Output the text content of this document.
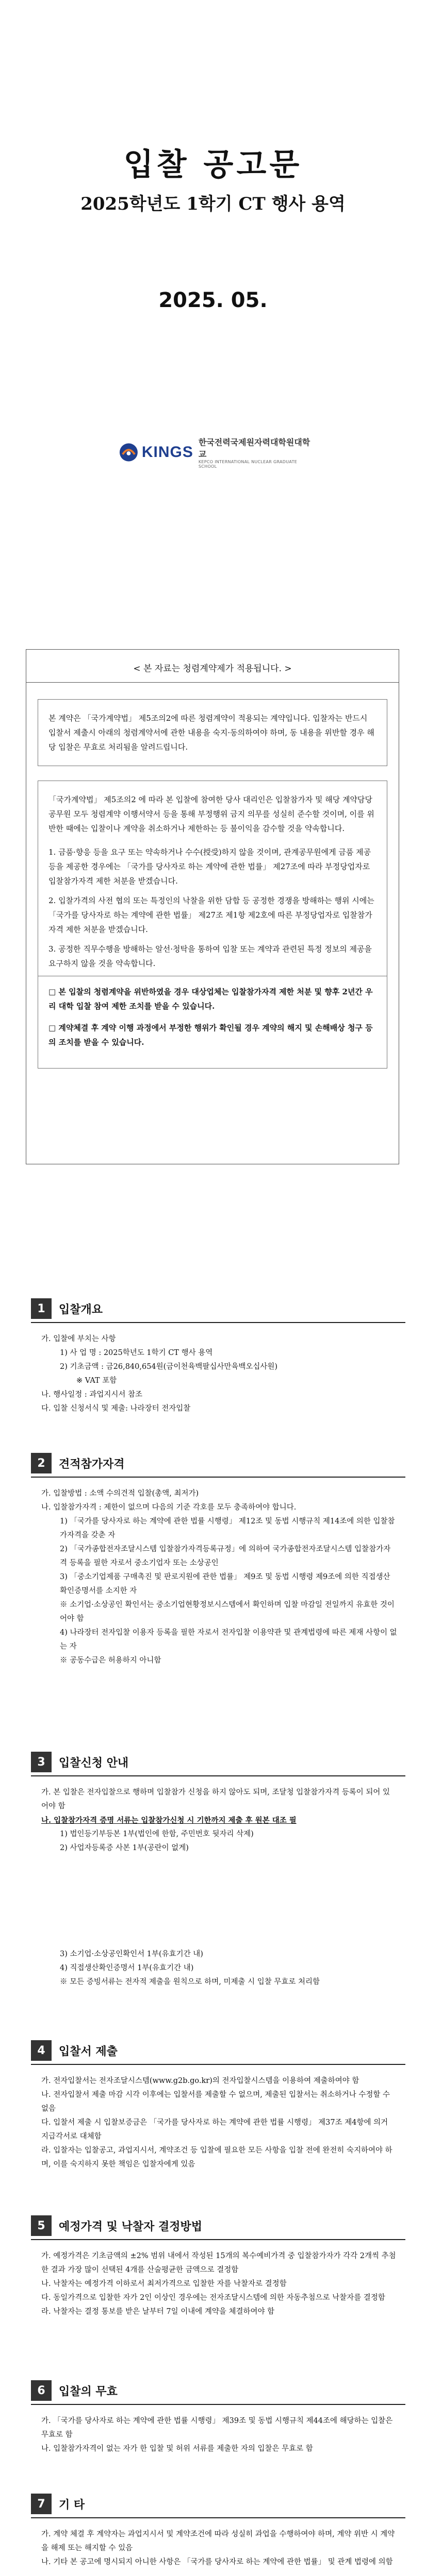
입찰 공고문
2025학년도 1학기 CT 행사 용역
2025. 05.
KINGS
한국전력국제원자력대학원대학교
KEPCO INTERNATIONAL NUCLEAR GRADUATE SCHOOL
< 본 자료는 청렴계약제가 적용됩니다. >
본 계약은 「국가계약법」 제5조의2에 따른 청렴계약이 적용되는 계약입니다. 입찰자는 반드시 입찰서 제출시 아래의 청렴계약서에 관한 내용을 숙지·동의하여야 하며, 동 내용을 위반할 경우 해당 입찰은 무효로 처리됨을 알려드립니다.

「국가계약법」 제5조의2 에 따라 본 입찰에 참여한 당사 대리인은 입찰참가자 및 해당 계약담당공무원 모두 청렴계약 이행서약서 등을 통해 부정행위 금지 의무를 성실히 준수할 것이며, 이를 위반한 때에는 입찰이나 계약을 취소하거나 제한하는 등 불이익을 감수할 것을 약속합니다.

1. 금품·향응 등을 요구 또는 약속하거나 수수(授受)하지 않을 것이며, 관계공무원에게 금품 제공 등을 제공한 경우에는 「국가를 당사자로 하는 계약에 관한 법률」 제27조에 따라 부정당업자로 입찰참가자격 제한 처분을 받겠습니다.
2. 입찰가격의 사전 협의 또는 특정인의 낙찰을 위한 담합 등 공정한 경쟁을 방해하는 행위 시에는 「국가를 당사자로 하는 계약에 관한 법률」 제27조 제1항 제2호에 따른 부정당업자로 입찰참가자격 제한 처분을 받겠습니다.
3. 공정한 직무수행을 방해하는 알선·청탁을 통하여 입찰 또는 계약과 관련된 특정 정보의 제공을 요구하지 않을 것을 약속합니다.

□ 본 입찰의 청렴계약을 위반하였을 경우 대상업체는 입찰참가자격 제한 처분 및 향후 2년간 우리 대학 입찰 참여 제한 조치를 받을 수 있습니다.

□ 계약체결 후 계약 이행 과정에서 부정한 행위가 확인될 경우 계약의 해지 및 손해배상 청구 등의 조치를 받을 수 있습니다.

1	입찰개요

가. 입찰에 부치는 사항

1) 사 업 명 : 2025학년도 1학기 CT 행사 용역

2) 기초금액 : 금26,840,654원(금이천육백팔십사만육백오십사원)

※ VAT 포함

나. 행사일정 : 과업지시서 참조

다. 입찰 신청서식 및 제출: 나라장터 전자입찰

2	견적참가자격

가. 입찰방법 : 소액 수의견적 입찰(총액, 최저가)

나. 입찰참가자격 : 제한이 없으며 다음의 기준 각호를 모두 충족하여야 합니다.

1) 「국가를 당사자로 하는 계약에 관한 법률 시행령」 제12조 및 동법 시행규칙 제14조에 의한 입찰참가자격을 갖춘 자

2) 「국가종합전자조달시스템 입찰참가자격등록규정」에 의하여 국가종합전자조달시스템 입찰참가자격 등록을 필한 자로서 중소기업자 또는 소상공인

3) 「중소기업제품 구매촉진 및 판로지원에 관한 법률」 제9조 및 동법 시행령 제9조에 의한 직접생산확인증명서를 소지한 자

※ 소기업·소상공인 확인서는 중소기업현황정보시스템에서 확인하며 입찰 마감일 전일까지 유효한 것이어야 함

4) 나라장터 전자입찰 이용자 등록을 필한 자로서 전자입찰 이용약관 및 관계법령에 따른 제재 사항이 없는 자

※ 공동수급은 허용하지 아니함

3	입찰신청 안내

가. 본 입찰은 전자입찰으로 행하며 입찰참가 신청을 하지 않아도 되며, 조달청 입찰참가자격 등록이 되어 있어야 함

나. 입찰참가자격 증명 서류는 입찰참가신청 시 기한까지 제출 후 원본 대조 필

1) 법인등기부등본 1부(법인에 한함, 주민번호 뒷자리 삭제)

2) 사업자등록증 사본 1부(공란이 없게)

3) 소기업·소상공인확인서 1부(유효기간 내)

4) 직접생산확인증명서 1부(유효기간 내)

※ 모든 증빙서류는 전자적 제출을 원칙으로 하며, 미제출 시 입찰 무효로 처리함

4	입찰서 제출

가. 전자입찰서는 전자조달시스템(www.g2b.go.kr)의 전자입찰시스템을 이용하여 제출하여야 함

나. 전자입찰서 제출 마감 시각 이후에는 입찰서를 제출할 수 없으며, 제출된 입찰서는 취소하거나 수정할 수 없음

다. 입찰서 제출 시 입찰보증금은 「국가를 당사자로 하는 계약에 관한 법률 시행령」 제37조 제4항에 의거 지급각서로 대체함

라. 입찰자는 입찰공고, 과업지시서, 계약조건 등 입찰에 필요한 모든 사항을 입찰 전에 완전히 숙지하여야 하며, 이를 숙지하지 못한 책임은 입찰자에게 있음

5	예정가격 및 낙찰자 결정방법

가. 예정가격은 기초금액의 ±2% 범위 내에서 작성된 15개의 복수예비가격 중 입찰참가자가 각각 2개씩 추첨한 결과 가장 많이 선택된 4개를 산술평균한 금액으로 결정함

나. 낙찰자는 예정가격 이하로서 최저가격으로 입찰한 자를 낙찰자로 결정함

다. 동일가격으로 입찰한 자가 2인 이상인 경우에는 전자조달시스템에 의한 자동추첨으로 낙찰자를 결정함

라. 낙찰자는 결정 통보를 받은 날부터 7일 이내에 계약을 체결하여야 함

6	입찰의 무효

가. 「국가를 당사자로 하는 계약에 관한 법률 시행령」 제39조 및 동법 시행규칙 제44조에 해당하는 입찰은 무효로 함

나. 입찰참가자격이 없는 자가 한 입찰 및 허위 서류를 제출한 자의 입찰은 무효로 함

7	기 타

가. 계약 체결 후 계약자는 과업지시서 및 계약조건에 따라 성실히 과업을 수행하여야 하며, 계약 위반 시 계약을 해제 또는 해지할 수 있음

나. 기타 본 공고에 명시되지 아니한 사항은 「국가를 당사자로 하는 계약에 관한 법률」 및 관계 법령에 의함
